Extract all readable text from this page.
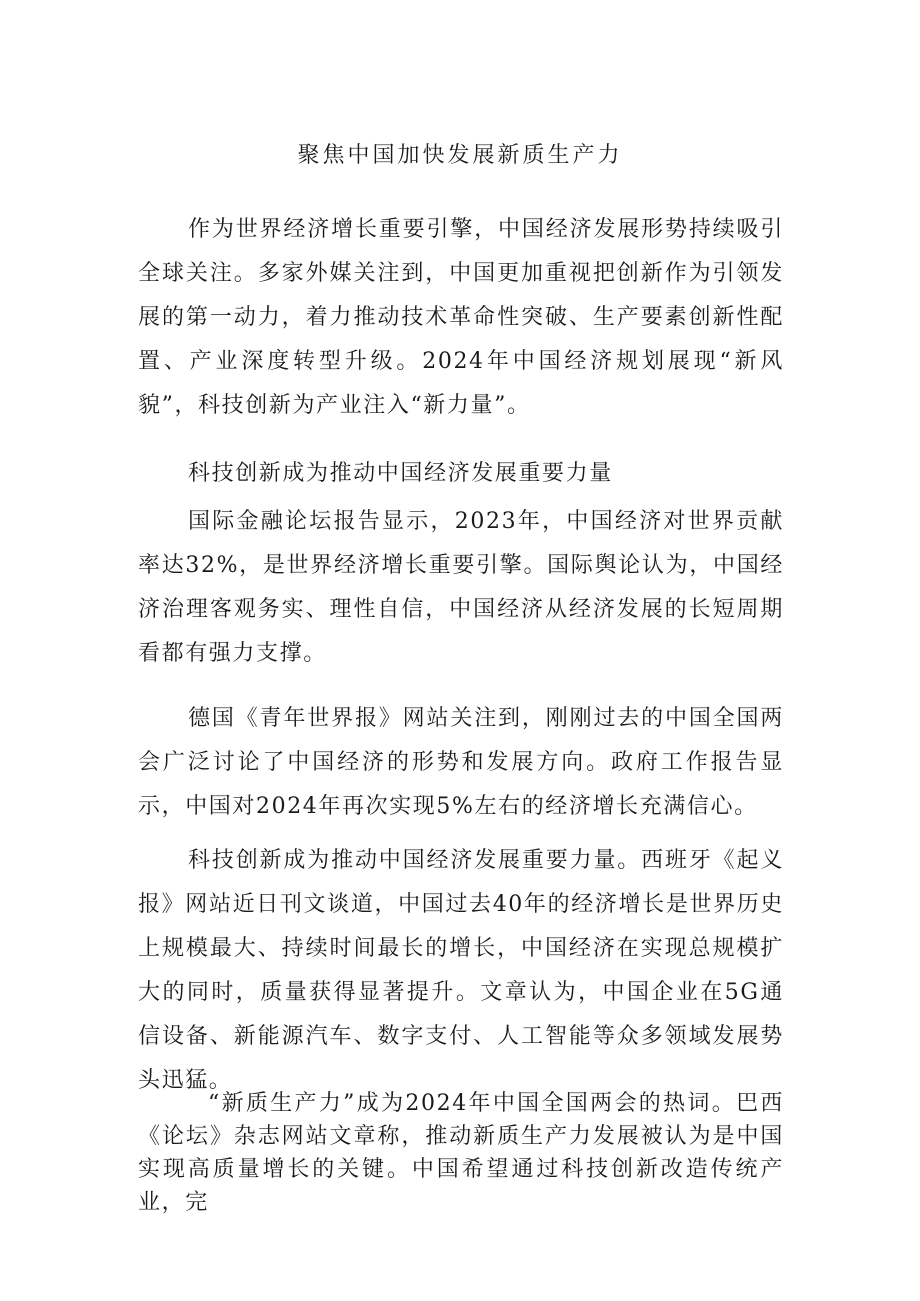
聚焦中国加快发展新质生产力

作为世界经济增长重要引擎，中国经济发展形势持续吸引全球关注。多家外媒关注到，中国更加重视把创新作为引领发展的第一动力，着力推动技术革命性突破、生产要素创新性配置、产业深度转型升级。2024年中国经济规划展现“新风貌”，科技创新为产业注入“新力量”。

科技创新成为推动中国经济发展重要力量

国际金融论坛报告显示，2023年，中国经济对世界贡献率达32%，是世界经济增长重要引擎。国际舆论认为，中国经济治理客观务实、理性自信，中国经济从经济发展的长短周期看都有强力支撑。

德国《青年世界报》网站关注到，刚刚过去的中国全国两会广泛讨论了中国经济的形势和发展方向。政府工作报告显示，中国对2024年再次实现5%左右的经济增长充满信心。

科技创新成为推动中国经济发展重要力量。西班牙《起义报》网站近日刊文谈道，中国过去40年的经济增长是世界历史上规模最大、持续时间最长的增长，中国经济在实现总规模扩大的同时，质量获得显著提升。文章认为，中国企业在5G通信设备、新能源汽车、数字支付、人工智能等众多领域发展势头迅猛。

“新质生产力”成为2024年中国全国两会的热词。巴西《论坛》杂志网站文章称，推动新质生产力发展被认为是中国实现高质量增长的关键。中国希望通过科技创新改造传统产业，完
